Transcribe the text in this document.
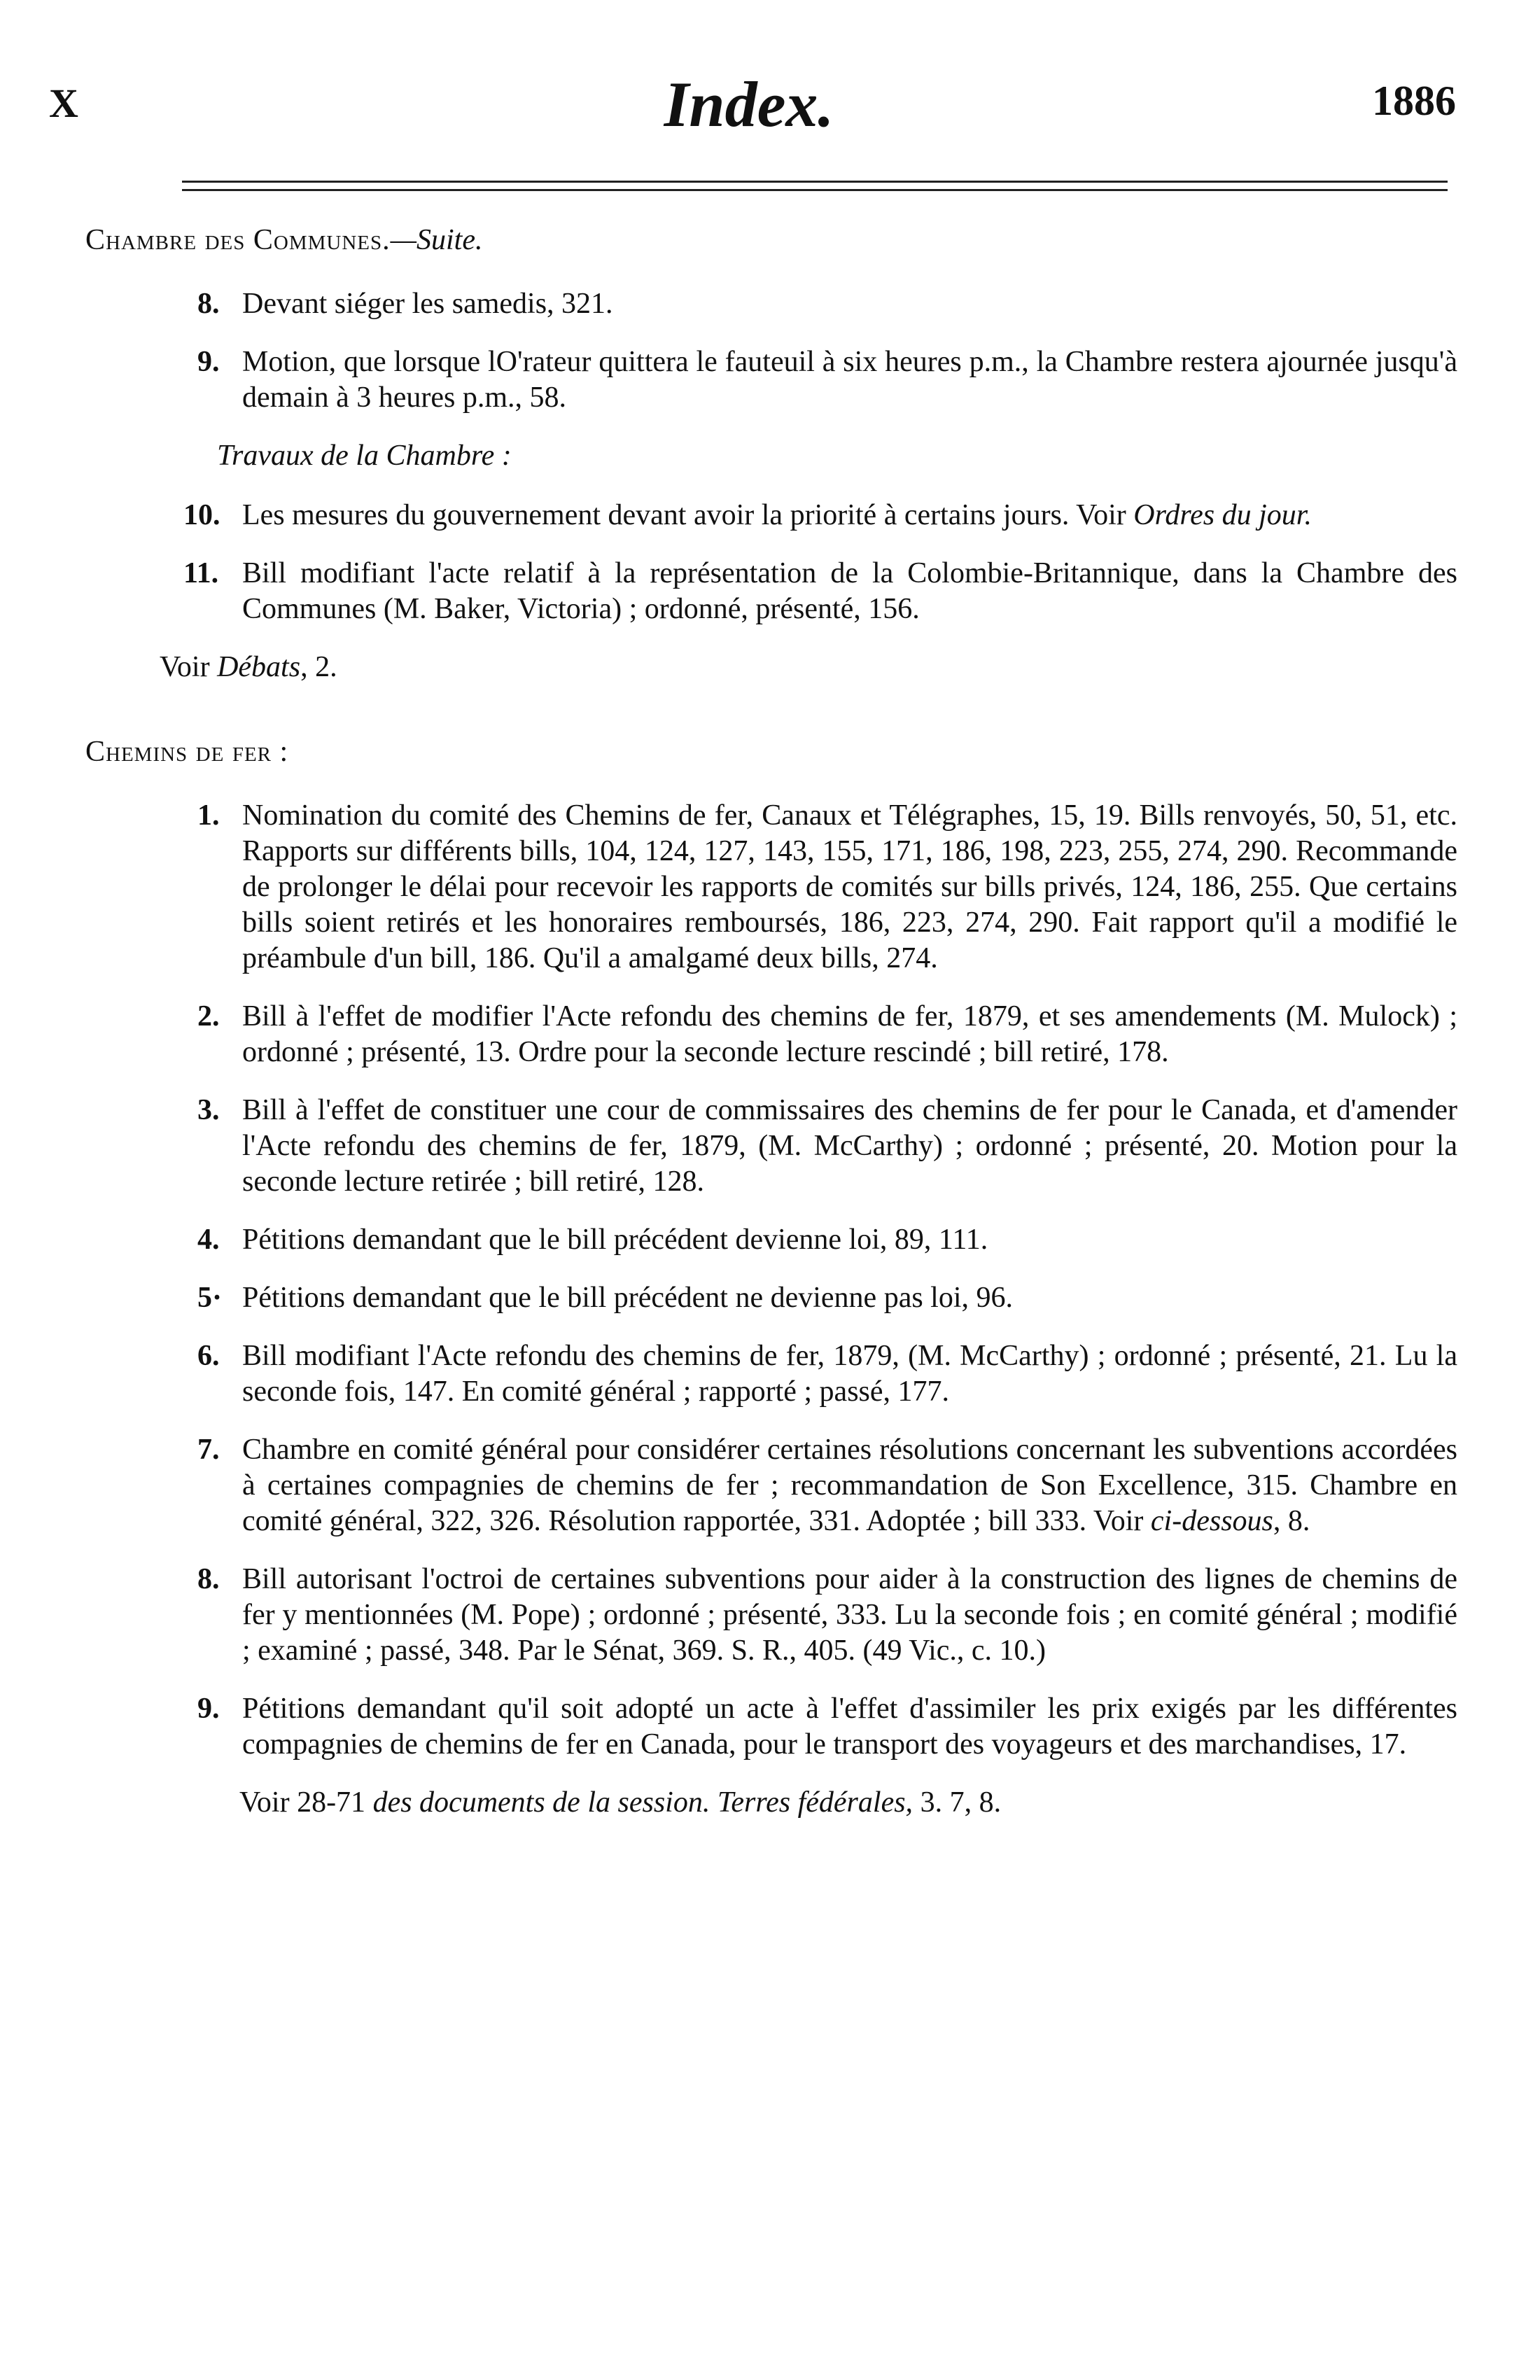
X	Index.	1886
Chambre des Communes.—Suite.
8. Devant siéger les samedis, 321.
9. Motion, que lorsque lO'rateur quittera le fauteuil à six heures p.m., la Chambre restera ajournée jusqu'à demain à 3 heures p.m., 58.
Travaux de la Chambre :
10. Les mesures du gouvernement devant avoir la priorité à certains jours. Voir Ordres du jour.
11. Bill modifiant l'acte relatif à la représentation de la Colombie-Britannique, dans la Chambre des Communes (M. Baker, Victoria) ; ordonné, présenté, 156.
Voir Débats, 2.
Chemins de fer :
1. Nomination du comité des Chemins de fer, Canaux et Télégraphes, 15, 19. Bills renvoyés, 50, 51, etc. Rapports sur différents bills, 104, 124, 127, 143, 155, 171, 186, 198, 223, 255, 274, 290. Recommande de prolonger le délai pour recevoir les rapports de comités sur bills privés, 124, 186, 255. Que certains bills soient retirés et les honoraires remboursés, 186, 223, 274, 290. Fait rapport qu'il a modifié le préambule d'un bill, 186. Qu'il a amalgamé deux bills, 274.
2. Bill à l'effet de modifier l'Acte refondu des chemins de fer, 1879, et ses amendements (M. Mulock) ; ordonné ; présenté, 13. Ordre pour la seconde lecture rescindé ; bill retiré, 178.
3. Bill à l'effet de constituer une cour de commissaires des chemins de fer pour le Canada, et d'amender l'Acte refondu des chemins de fer, 1879, (M. McCarthy) ; ordonné ; présenté, 20. Motion pour la seconde lecture retirée ; bill retiré, 128.
4. Pétitions demandant que le bill précédent devienne loi, 89, 111.
5· Pétitions demandant que le bill précédent ne devienne pas loi, 96.
6. Bill modifiant l'Acte refondu des chemins de fer, 1879, (M. McCarthy) ; ordonné ; présenté, 21. Lu la seconde fois, 147. En comité général ; rapporté ; passé, 177.
7. Chambre en comité général pour considérer certaines résolutions concernant les subventions accordées à certaines compagnies de chemins de fer ; recommandation de Son Excellence, 315. Chambre en comité général, 322, 326. Résolution rapportée, 331. Adoptée ; bill 333. Voir ci-dessous, 8.
8. Bill autorisant l'octroi de certaines subventions pour aider à la construction des lignes de chemins de fer y mentionnées (M. Pope) ; ordonné ; présenté, 333. Lu la seconde fois ; en comité général ; modifié ; examiné ; passé, 348. Par le Sénat, 369. S. R., 405. (49 Vic., c. 10.)
9. Pétitions demandant qu'il soit adopté un acte à l'effet d'assimiler les prix exigés par les différentes compagnies de chemins de fer en Canada, pour le transport des voyageurs et des marchandises, 17.
Voir 28-71 des documents de la session. Terres fédérales, 3. 7, 8.
